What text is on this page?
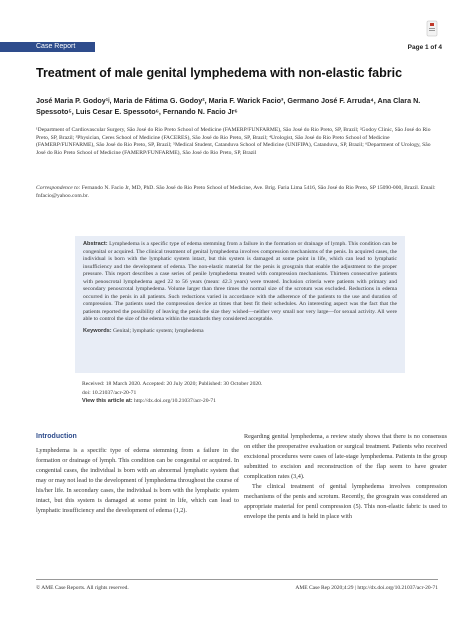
Case Report	Page 1 of 4
Treatment of male genital lymphedema with non-elastic fabric
José Maria P. Godoy¹ʲ, Maria de Fátima G. Godoy², Maria F. Warick Facio³, Germano José F. Arruda⁴, Ana Clara N. Spessoto⁵, Luis Cesar E. Spessoto⁶, Fernando N. Facio Jr⁶
¹Department of Cardiovascular Surgery, São José do Rio Preto School of Medicine (FAMERP/FUNFARME), São José do Rio Preto, SP, Brazil; ²Godoy Clinic, São José do Rio Preto, SP, Brazil; ³Physician, Ceres School of Medicine (FACERES), São José do Rio Preto, SP, Brazil; ⁴Urologist, São José do Rio Preto School of Medicine (FAMERP/FUNFARME), São José do Rio Preto, SP, Brazil; ⁵Medical Student, Catanduva School of Medicine (UNIFIPA), Catanduva, SP, Brazil; ⁶Department of Urology, São José do Rio Preto School of Medicine (FAMERP/FUNFARME), São José do Rio Preto, SP, Brazil
Correspondence to: Fernando N. Facio Jr, MD, PhD. São José do Rio Preto School of Medicine, Ave. Brig. Faria Lima 5416, São José do Rio Preto, SP 15090-000, Brazil. Email: fnfacio@yahoo.com.br.
Abstract: Lymphedema is a specific type of edema stemming from a failure in the formation or drainage of lymph. This condition can be congenital or acquired. The clinical treatment of genital lymphedema involves compression mechanisms of the penis. In acquired cases, the individual is born with the lymphatic system intact, but this system is damaged at some point in life, which can lead to lymphatic insufficiency and the development of edema. The non-elastic material for the penis is grosgrain that enable the adjustment to the proper pressure. This report describes a case series of penile lymphedema treated with compression mechanisms. Thirteen consecutive patients with penoscrotal lymphedema aged 22 to 56 years (mean: 42.3 years) were treated. Inclusion criteria were patients with primary and secondary penoscrotal lymphedema. Volume larger than three times the normal size of the scrotum was excluded. Reductions in edema occurred in the penis in all patients. Such reductions varied in accordance with the adherence of the patients to the use and duration of compression. The patients used the compression device at times that best fit their schedules. An interesting aspect was the fact that the patients reported the possibility of leaving the penis the size they wished—neither very small nor very large—for sexual activity. All were able to control the size of the edema within the standards they considered acceptable.
Keywords: Genital; lymphatic system; lymphedema
Received: 18 March 2020. Accepted: 20 July 2020; Published: 30 October 2020.
doi: 10.21037/acr-20-71
View this article at: http://dx.doi.org/10.21037/acr-20-71
Introduction

Lymphedema is a specific type of edema stemming from a failure in the formation or drainage of lymph. This condition can be congenital or acquired. In congenital cases, the individual is born with an abnormal lymphatic system that may or may not lead to the development of lymphedema throughout the course of his/her life. In secondary cases, the individual is born with the lymphatic system intact, but this system is damaged at some point in life, which can lead to lymphatic insufficiency and the development of edema (1,2).

Regarding genital lymphedema, a review study shows that there is no consensus on either the preoperative evaluation or surgical treatment. Patients who received excisional procedures were cases of late-stage lymphedema. Patients in the group submitted to excision and reconstruction of the flap seem to have greater complication rates (3,4).

The clinical treatment of genital lymphedema involves compression mechanisms of the penis and scrotum. Recently, the grosgrain was considered an appropriate material for penil compression (5). This non-elastic fabric is used to envelope the penis and is held in place with

© AME Case Reports. All rights reserved.	AME Case Rep 2020;4:29 | http://dx.doi.org/10.21037/acr-20-71
